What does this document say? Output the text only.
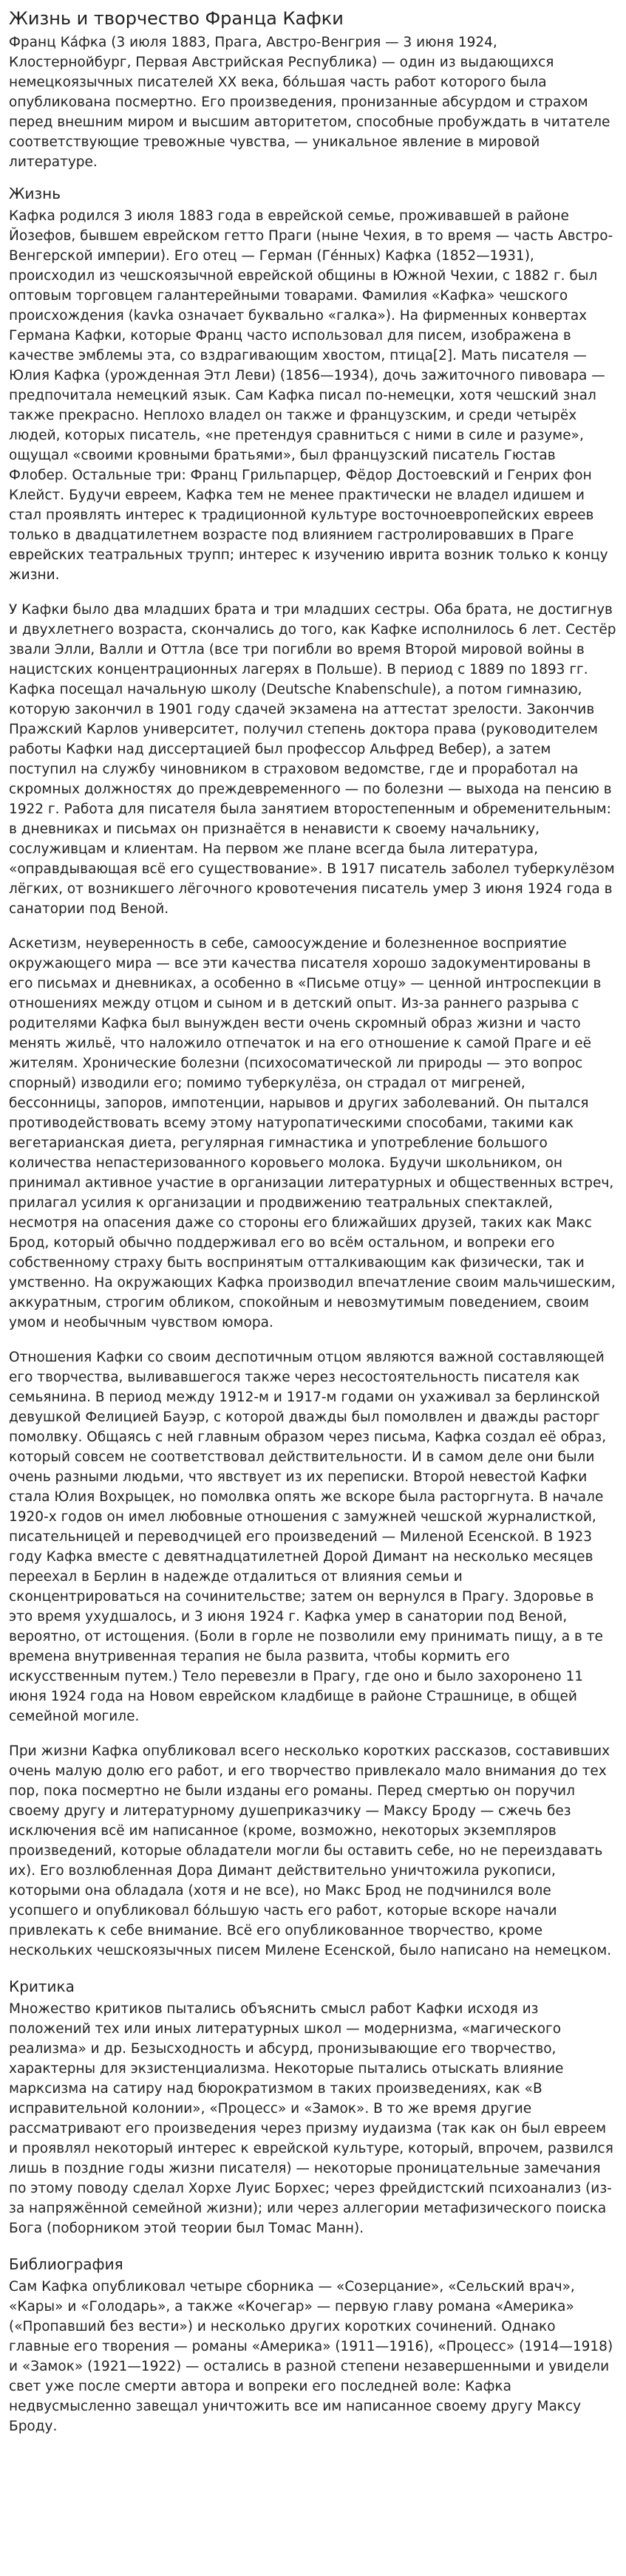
Жизнь и творчество Франца Кафки

Франц Ка́фка (3 июля 1883, Прага, Австро-Венгрия — 3 июня 1924, Клостернойбург, Первая Австрийская Республика) — один из выдающихся немецкоязычных писателей XX века, бо́льшая часть работ которого была опубликована посмертно. Его произведения, пронизанные абсурдом и страхом перед внешним миром и высшим авторитетом, способные пробуждать в читателе соответствующие тревожные чувства, — уникальное явление в мировой литературе.

Жизнь

Кафка родился 3 июля 1883 года в еврейской семье, проживавшей в районе Йозефов, бывшем еврейском гетто Праги (ныне Чехия, в то время — часть Австро-Венгерской империи). Его отец — Герман (Ге́нных) Кафка (1852—1931), происходил из чешскоязычной еврейской общины в Южной Чехии, с 1882 г. был оптовым торговцем галантерейными товарами. Фамилия «Кафка» чешского происхождения (kavka означает буквально «галка»). На фирменных конвертах Германа Кафки, которые Франц часто использовал для писем, изображена в качестве эмблемы эта, со вздрагивающим хвостом, птица[2]. Мать писателя — Юлия Кафка (урожденная Этл Леви) (1856—1934), дочь зажиточного пивовара — предпочитала немецкий язык. Сам Кафка писал по-немецки, хотя чешский знал также прекрасно. Неплохо владел он также и французским, и среди четырёх людей, которых писатель, «не претендуя сравниться с ними в силе и разуме», ощущал «своими кровными братьями», был французский писатель Гюстав Флобер. Остальные три: Франц Грильпарцер, Фёдор Достоевский и Генрих фон Клейст. Будучи евреем, Кафка тем не менее практически не владел идишем и стал проявлять интерес к традиционной культуре восточноевропейских евреев только в двадцатилетнем возрасте под влиянием гастролировавших в Праге еврейских театральных трупп; интерес к изучению иврита возник только к концу жизни.

У Кафки было два младших брата и три младших сестры. Оба брата, не достигнув и двухлетнего возраста, скончались до того, как Кафке исполнилось 6 лет. Сестёр звали Элли, Валли и Оттла (все три погибли во время Второй мировой войны в нацистских концентрационных лагерях в Польше). В период с 1889 по 1893 гг. Кафка посещал начальную школу (Deutsche Knabenschule), а потом гимназию, которую закончил в 1901 году сдачей экзамена на аттестат зрелости. Закончив Пражский Карлов университет, получил степень доктора права (руководителем работы Кафки над диссертацией был профессор Альфред Вебер), а затем поступил на службу чиновником в страховом ведомстве, где и проработал на скромных должностях до преждевременного — по болезни — выхода на пенсию в 1922 г. Работа для писателя была занятием второстепенным и обременительным: в дневниках и письмах он признаётся в ненависти к своему начальнику, сослуживцам и клиентам. На первом же плане всегда была литература, «оправдывающая всё его существование». В 1917 писатель заболел туберкулёзом лёгких, от возникшего лёгочного кровотечения писатель умер 3 июня 1924 года в санатории под Веной.

Аскетизм, неуверенность в себе, самоосуждение и болезненное восприятие окружающего мира — все эти качества писателя хорошо задокументированы в его письмах и дневниках, а особенно в «Письме отцу» — ценной интроспекции в отношениях между отцом и сыном и в детский опыт. Из-за раннего разрыва с родителями Кафка был вынужден вести очень скромный образ жизни и часто менять жильё, что наложило отпечаток и на его отношение к самой Праге и её жителям. Хронические болезни (психосоматической ли природы — это вопрос спорный) изводили его; помимо туберкулёза, он страдал от мигреней, бессонницы, запоров, импотенции, нарывов и других заболеваний. Он пытался противодействовать всему этому натуропатическими способами, такими как вегетарианская диета, регулярная гимнастика и употребление большого количества непастеризованного коровьего молока. Будучи школьником, он принимал активное участие в организации литературных и общественных встреч, прилагал усилия к организации и продвижению театральных спектаклей, несмотря на опасения даже со стороны его ближайших друзей, таких как Макс Брод, который обычно поддерживал его во всём остальном, и вопреки его собственному страху быть воспринятым отталкивающим как физически, так и умственно. На окружающих Кафка производил впечатление своим мальчишеским, аккуратным, строгим обликом, спокойным и невозмутимым поведением, своим умом и необычным чувством юмора.

Отношения Кафки со своим деспотичным отцом являются важной составляющей его творчества, выливавшегося также через несостоятельность писателя как семьянина. В период между 1912-м и 1917-м годами он ухаживал за берлинской девушкой Фелицией Бауэр, с которой дважды был помолвлен и дважды расторг помолвку. Общаясь с ней главным образом через письма, Кафка создал её образ, который совсем не соответствовал действительности. И в самом деле они были очень разными людьми, что явствует из их переписки. Второй невестой Кафки стала Юлия Вохрыцек, но помолвка опять же вскоре была расторгнута. В начале 1920-х годов он имел любовные отношения с замужней чешской журналисткой, писательницей и переводчицей его произведений — Миленой Есенской. В 1923 году Кафка вместе с девятнадцатилетней Дорой Димант на несколько месяцев переехал в Берлин в надежде отдалиться от влияния семьи и сконцентрироваться на сочинительстве; затем он вернулся в Прагу. Здоровье в это время ухудшалось, и 3 июня 1924 г. Кафка умер в санатории под Веной, вероятно, от истощения. (Боли в горле не позволили ему принимать пищу, а в те времена внутривенная терапия не была развита, чтобы кормить его искусственным путем.) Тело перевезли в Прагу, где оно и было захоронено 11 июня 1924 года на Новом еврейском кладбище в районе Страшнице, в общей семейной могиле.

При жизни Кафка опубликовал всего несколько коротких рассказов, составивших очень малую долю его работ, и его творчество привлекало мало внимания до тех пор, пока посмертно не были изданы его романы. Перед смертью он поручил своему другу и литературному душеприказчику — Максу Броду — сжечь без исключения всё им написанное (кроме, возможно, некоторых экземпляров произведений, которые обладатели могли бы оставить себе, но не переиздавать их). Его возлюбленная Дора Димант действительно уничтожила рукописи, которыми она обладала (хотя и не все), но Макс Брод не подчинился воле усопшего и опубликовал бо́льшую часть его работ, которые вскоре начали привлекать к себе внимание. Всё его опубликованное творчество, кроме нескольких чешскоязычных писем Милене Есенской, было написано на немецком.

Критика

Множество критиков пытались объяснить смысл работ Кафки исходя из положений тех или иных литературных школ — модернизма, «магического реализма» и др. Безысходность и абсурд, пронизывающие его творчество, характерны для экзистенциализма. Некоторые пытались отыскать влияние марксизма на сатиру над бюрократизмом в таких произведениях, как «В исправительной колонии», «Процесс» и «Замок». В то же время другие рассматривают его произведения через призму иудаизма (так как он был евреем и проявлял некоторый интерес к еврейской культуре, который, впрочем, развился лишь в поздние годы жизни писателя) — некоторые проницательные замечания по этому поводу сделал Хорхе Луис Борхес; через фрейдистский психоанализ (из-за напряжённой семейной жизни); или через аллегории метафизического поиска Бога (поборником этой теории был Томас Манн).

Библиография

Сам Кафка опубликовал четыре сборника — «Созерцание», «Сельский врач», «Кары» и «Голодарь», а также «Кочегар» — первую главу романа «Америка» («Пропавший без вести») и несколько других коротких сочинений. Однако главные его творения — романы «Америка» (1911—1916), «Процесс» (1914—1918) и «Замок» (1921—1922) — остались в разной степени незавершенными и увидели свет уже после смерти автора и вопреки его последней воле: Кафка недвусмысленно завещал уничтожить все им написанное своему другу Максу Броду.
